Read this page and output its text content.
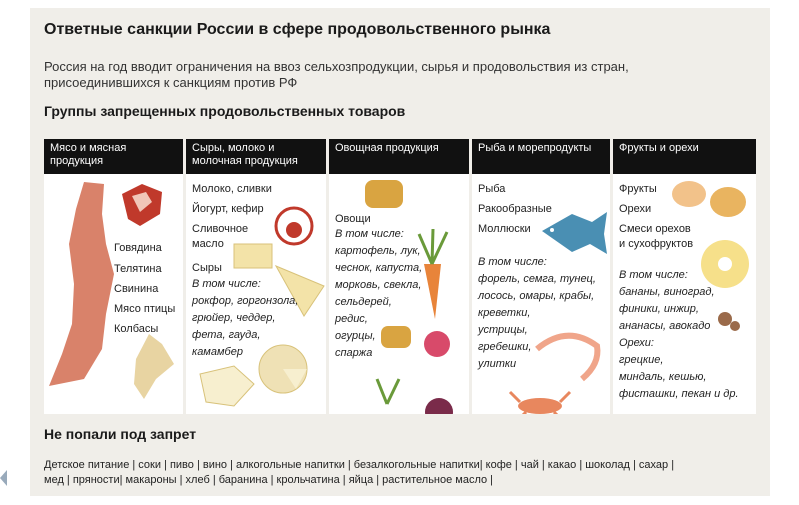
Ответные санкции России в сфере продовольственного рынка
Россия на год вводит ограничения на ввоз сельхозпродукции, сырья и продовольствия из стран, присоединившихся к санкциям против РФ
Группы запрещенных продовольственных товаров
Мясо и мясная продукция
Говядина
Телятина
Свинина
Мясо птицы
Колбасы
Сыры, молоко и молочная продукция
Молоко, сливки
Йогурт, кефир
Сливочное
масло
Сыры
В том числе:
рокфор, горгонзола,
грюйер, чеддер,
фета, гауда,
камамбер
Овощная продукция
Овощи
В том числе:
картофель, лук,
чеснок, капуста,
морковь, свекла,
сельдерей,
редис,
огурцы,
спаржа
Рыба и морепродукты
Рыба
Ракообразные
Моллюски
В том числе:
форель, семга, тунец,
лосось, омары, крабы,
креветки,
устрицы,
гребешки,
улитки
Фрукты и орехи
Фрукты
Орехи
Смеси орехов
и сухофруктов
В том числе:
бананы, виноград,
финики, инжир,
ананасы, авокадо
Орехи:
грецкие,
миндаль, кешью,
фисташки, пекан и др.
Не попали под запрет
Детское питание | соки | пиво | вино | алкогольные напитки | безалкогольные напитки| кофе | чай | какао | шоколад | сахар |
мед | пряности| макароны | хлеб | баранина | крольчатина | яйца | растительное масло |
